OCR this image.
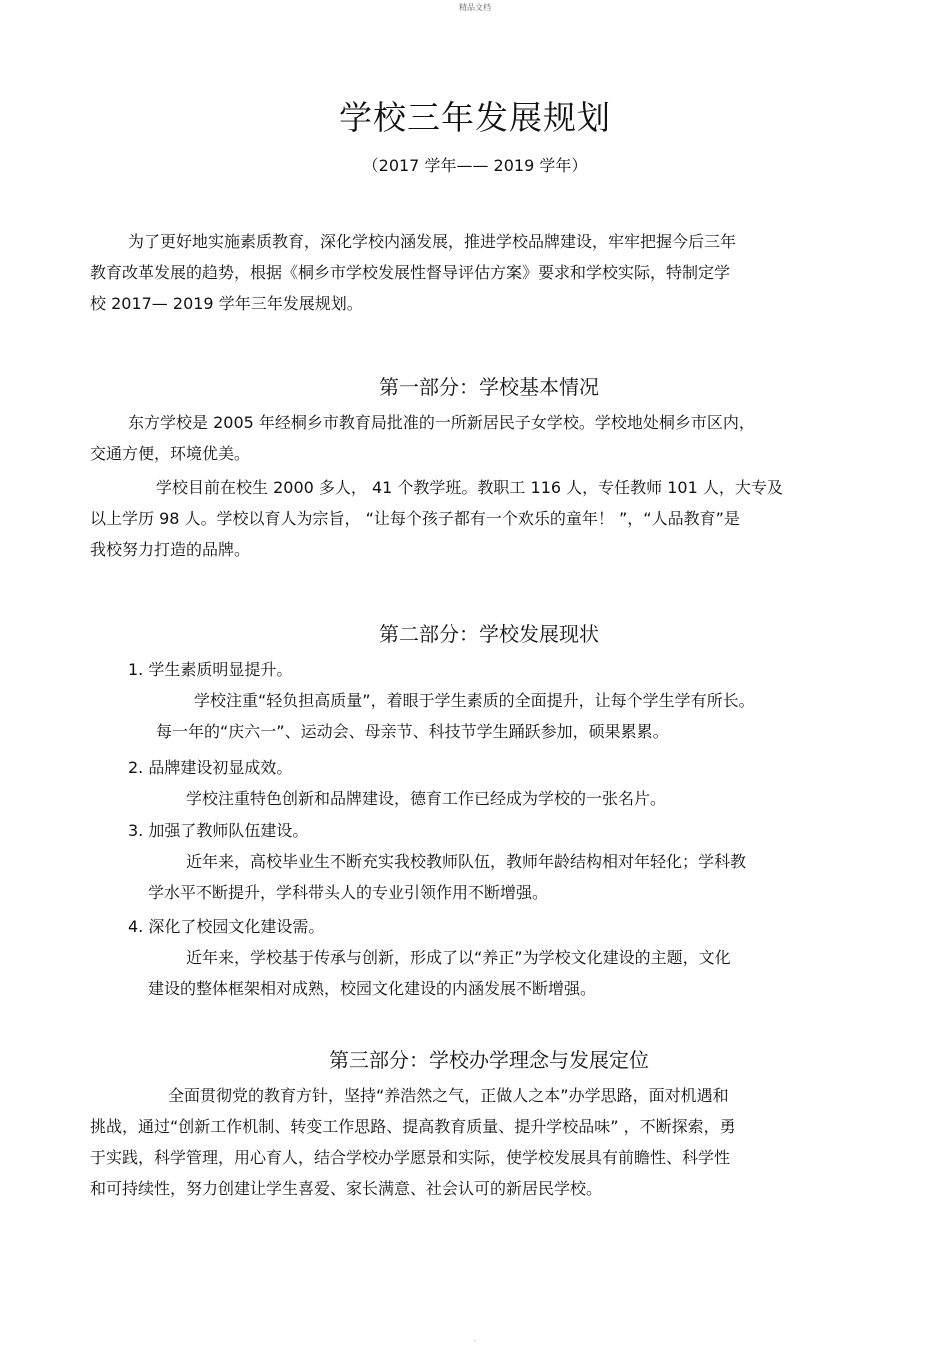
精品文档
学校三年发展规划
（2017 学年—— 2019 学年）
为了更好地实施素质教育，深化学校内涵发展，推进学校品牌建设，牢牢把握今后三年
教育改革发展的趋势，根据《桐乡市学校发展性督导评估方案》要求和学校实际，特制定学
校 2017— 2019 学年三年发展规划。
第一部分：学校基本情况
东方学校是 2005 年经桐乡市教育局批准的一所新居民子女学校。学校地处桐乡市区内，
交通方便，环境优美。
学校目前在校生 2000 多人， 41 个教学班。教职工 116 人，专任教师 101 人，大专及
以上学历 98 人。学校以育人为宗旨， “让每个孩子都有一个欢乐的童年！ ”，“人品教育”是
我校努力打造的品牌。
第二部分：学校发展现状
1. 学生素质明显提升。
学校注重“轻负担高质量”，着眼于学生素质的全面提升，让每个学生学有所长。
每一年的“庆六一”、运动会、母亲节、科技节学生踊跃参加，硕果累累。
2. 品牌建设初显成效。
学校注重特色创新和品牌建设，德育工作已经成为学校的一张名片。
3. 加强了教师队伍建设。
近年来，高校毕业生不断充实我校教师队伍，教师年龄结构相对年轻化；学科教
学水平不断提升，学科带头人的专业引领作用不断增强。
4. 深化了校园文化建设需。
近年来，学校基于传承与创新，形成了以“养正”为学校文化建设的主题，文化
建设的整体框架相对成熟，校园文化建设的内涵发展不断增强。
第三部分：学校办学理念与发展定位
全面贯彻党的教育方针，坚持“养浩然之气，正做人之本”办学思路，面对机遇和
挑战，通过“创新工作机制、转变工作思路、提高教育质量、提升学校品味” ，不断探索，勇
于实践，科学管理，用心育人，结合学校办学愿景和实际，使学校发展具有前瞻性、科学性
和可持续性，努力创建让学生喜爱、家长满意、社会认可的新居民学校。
.
